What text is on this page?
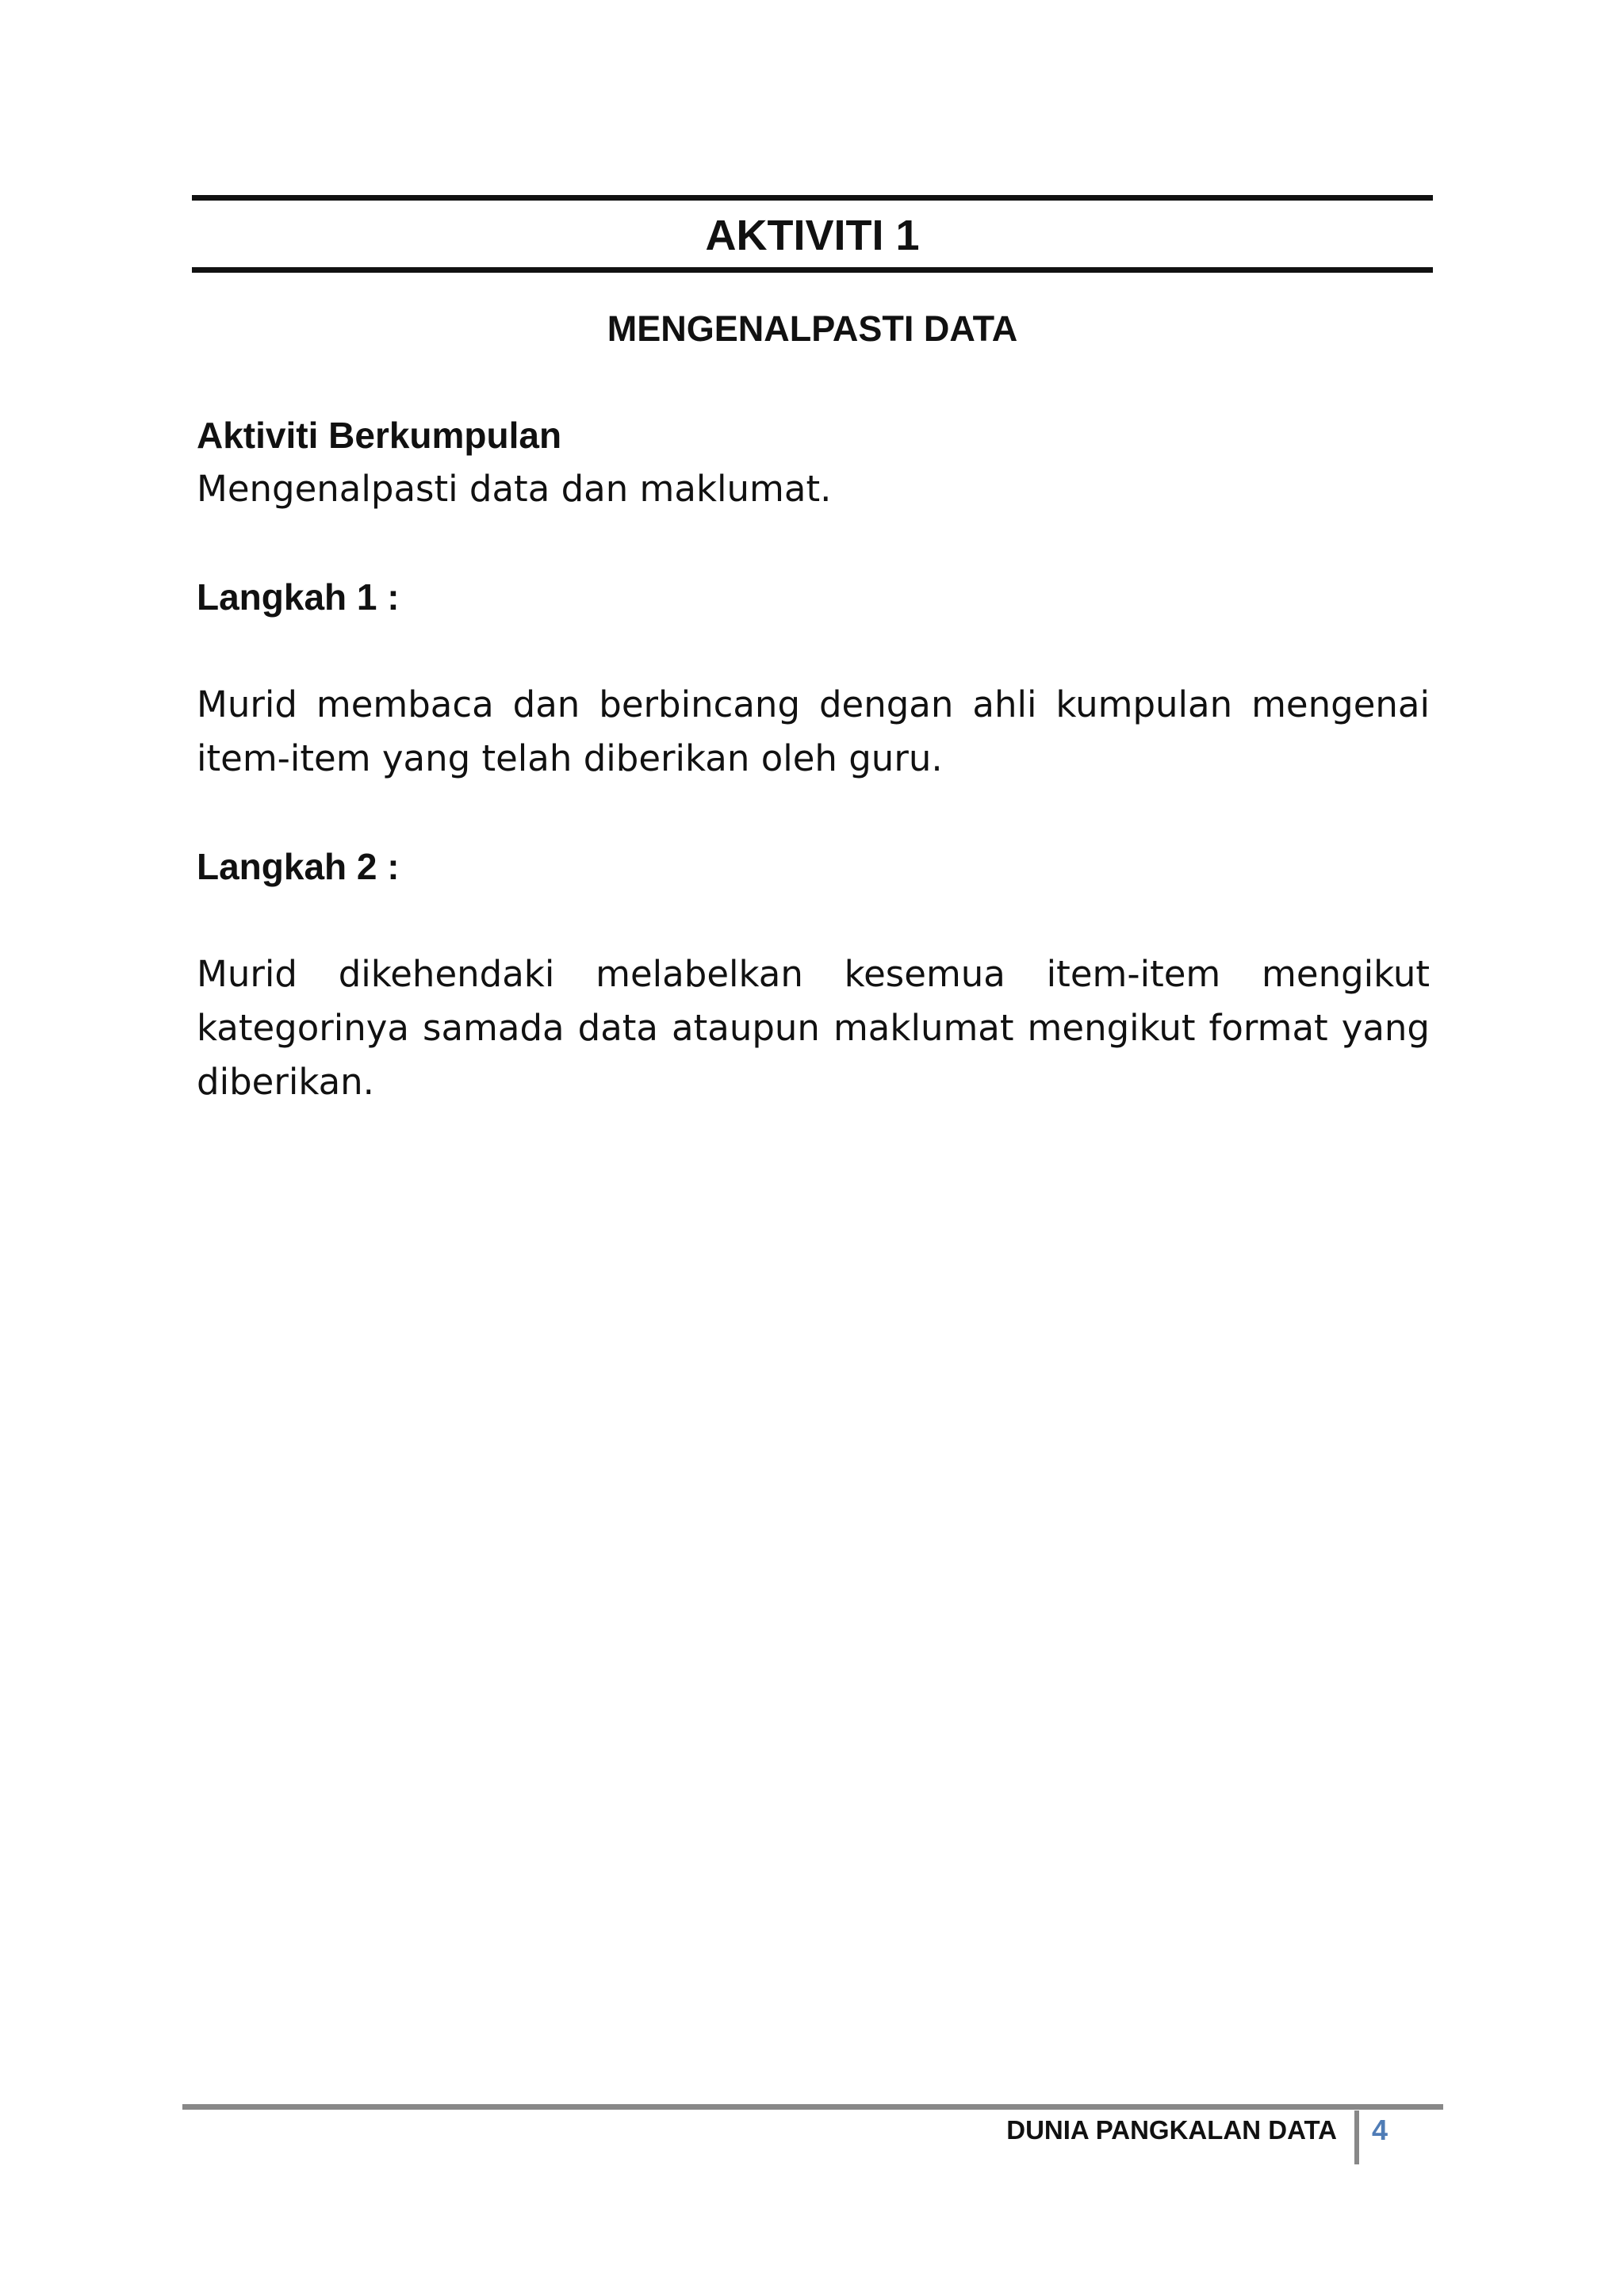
AKTIVITI 1
MENGENALPASTI DATA

Aktiviti Berkumpulan

Mengenalpasti data dan maklumat.

Langkah 1 :

Murid membaca dan berbincang dengan ahli kumpulan mengenai item-item yang telah diberikan oleh guru.

Langkah 2 :

Murid dikehendaki melabelkan kesemua item-item mengikut kategorinya samada data ataupun maklumat mengikut format yang diberikan.

DUNIA PANGKALAN DATA 4
